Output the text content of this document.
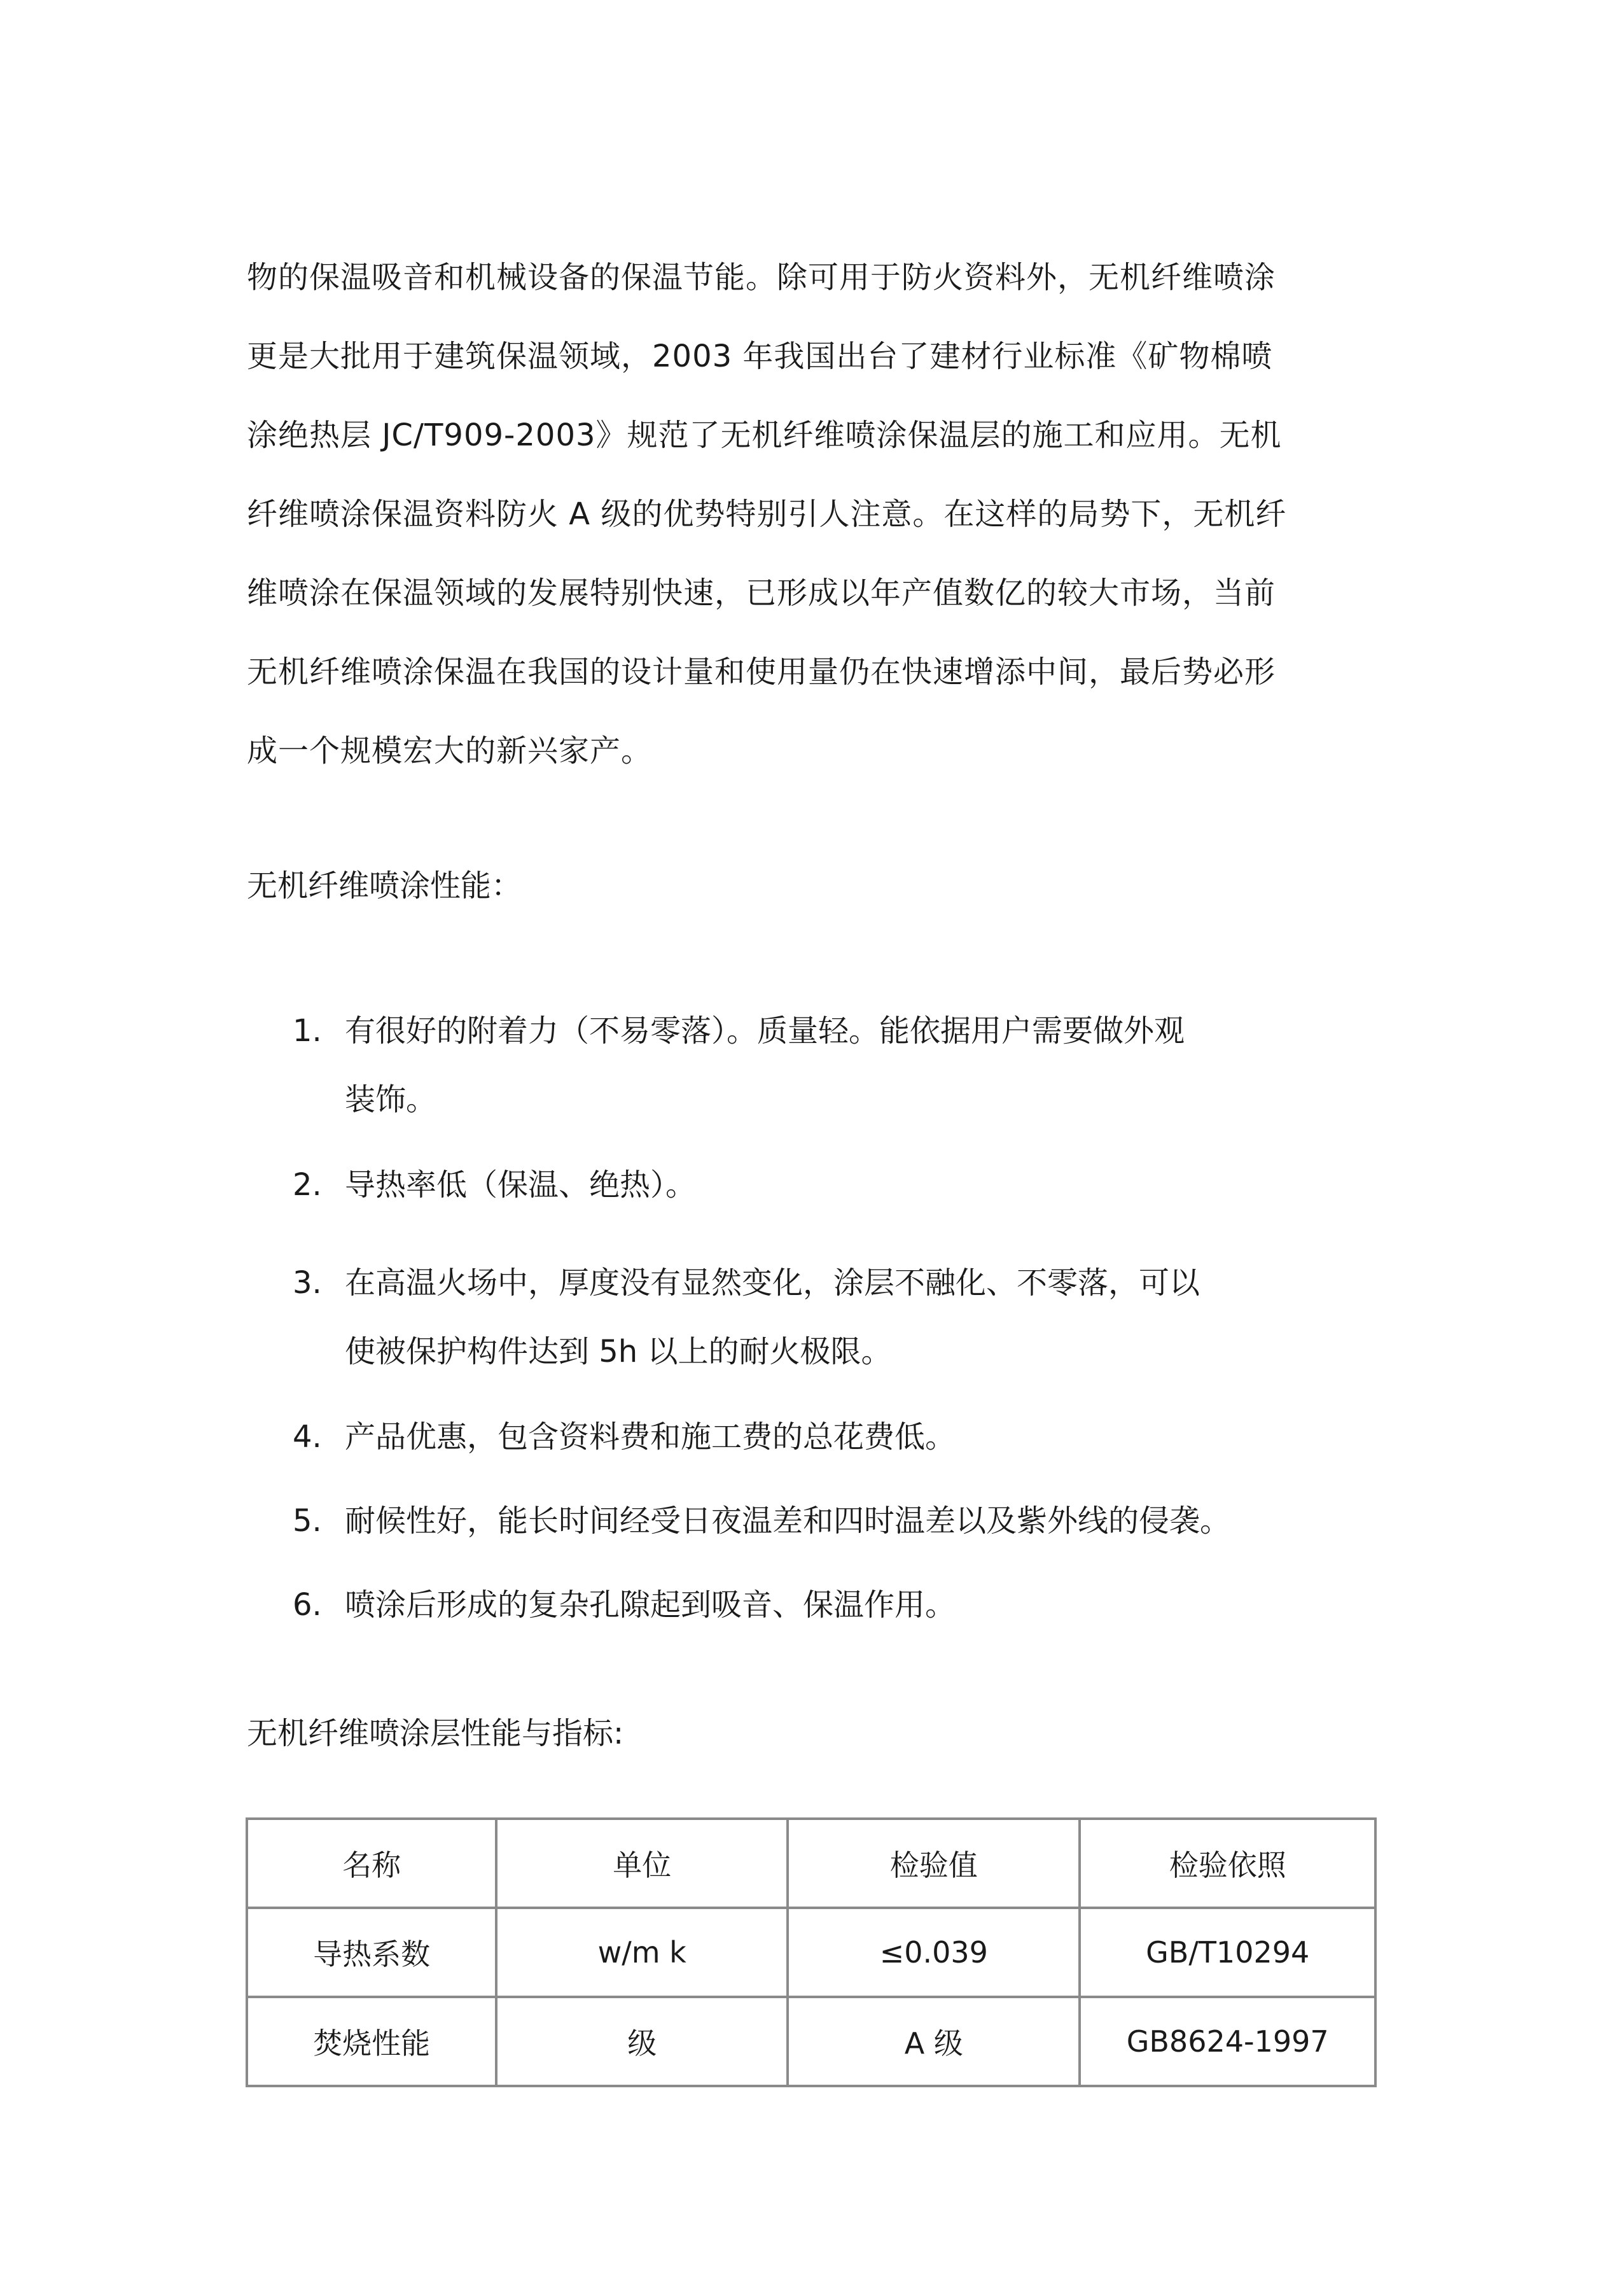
物的保温吸音和机械设备的保温节能。除可用于防火资料外，无机纤维喷涂
更是大批用于建筑保温领域，2003 年我国出台了建材行业标准《矿物棉喷
涂绝热层 JC/T909-2003》规范了无机纤维喷涂保温层的施工和应用。无机
纤维喷涂保温资料防火 A 级的优势特别引人注意。在这样的局势下，无机纤
维喷涂在保温领域的发展特别快速，已形成以年产值数亿的较大市场，当前
无机纤维喷涂保温在我国的设计量和使用量仍在快速增添中间，最后势必形
成一个规模宏大的新兴家产。

无机纤维喷涂性能：

1. 有很好的附着力（不易零落）。质量轻。能依据用户需要做外观
装饰。
2. 导热率低（保温、绝热）。
3. 在高温火场中，厚度没有显然变化，涂层不融化、不零落，可以
使被保护构件达到 5h 以上的耐火极限。
4. 产品优惠，包含资料费和施工费的总花费低。
5. 耐候性好，能长时间经受日夜温差和四时温差以及紫外线的侵袭。
6. 喷涂后形成的复杂孔隙起到吸音、保温作用。

无机纤维喷涂层性能与指标:

名称	单位	检验值	检验依照
导热系数	w/m k	≤0.039	GB/T10294
焚烧性能	级	A 级	GB8624-1997
